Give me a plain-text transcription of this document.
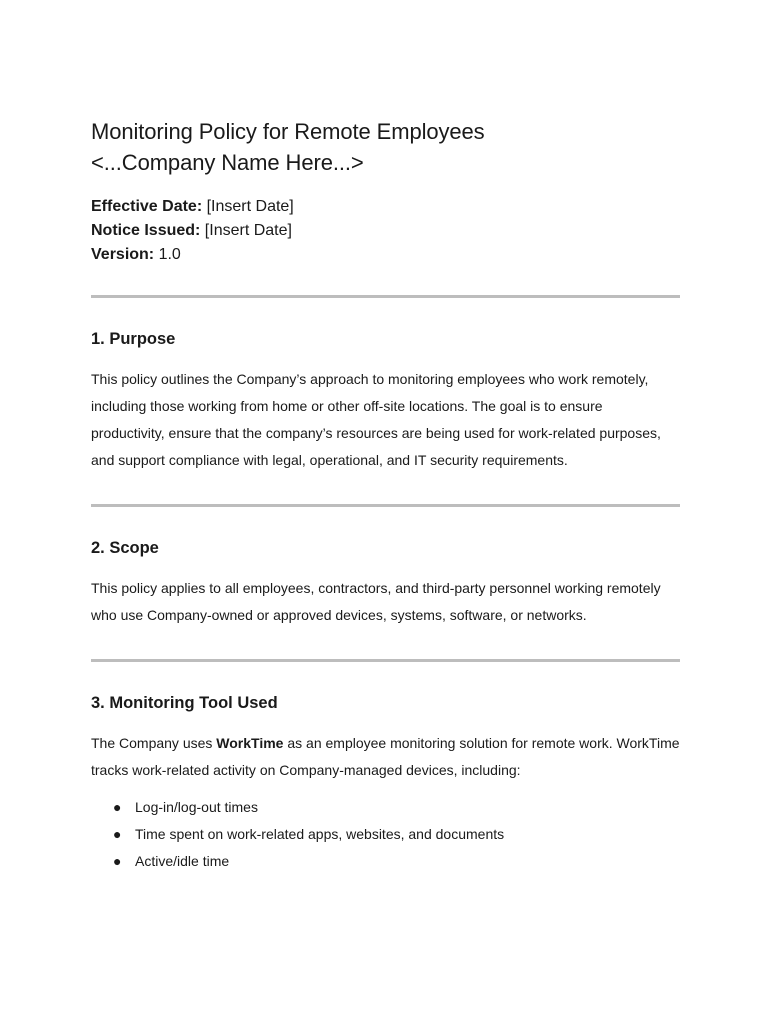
Monitoring Policy for Remote Employees
<...Company Name Here...>
Effective Date: [Insert Date]
Notice Issued: [Insert Date]
Version: 1.0
1. Purpose

This policy outlines the Company’s approach to monitoring employees who work remotely, including those working from home or other off-site locations. The goal is to ensure productivity, ensure that the company’s resources are being used for work-related purposes, and support compliance with legal, operational, and IT security requirements.

2. Scope

This policy applies to all employees, contractors, and third-party personnel working remotely who use Company-owned or approved devices, systems, software, or networks.

3. Monitoring Tool Used

The Company uses WorkTime as an employee monitoring solution for remote work. WorkTime tracks work-related activity on Company-managed devices, including:

● Log-in/log-out times
● Time spent on work-related apps, websites, and documents
● Active/idle time
